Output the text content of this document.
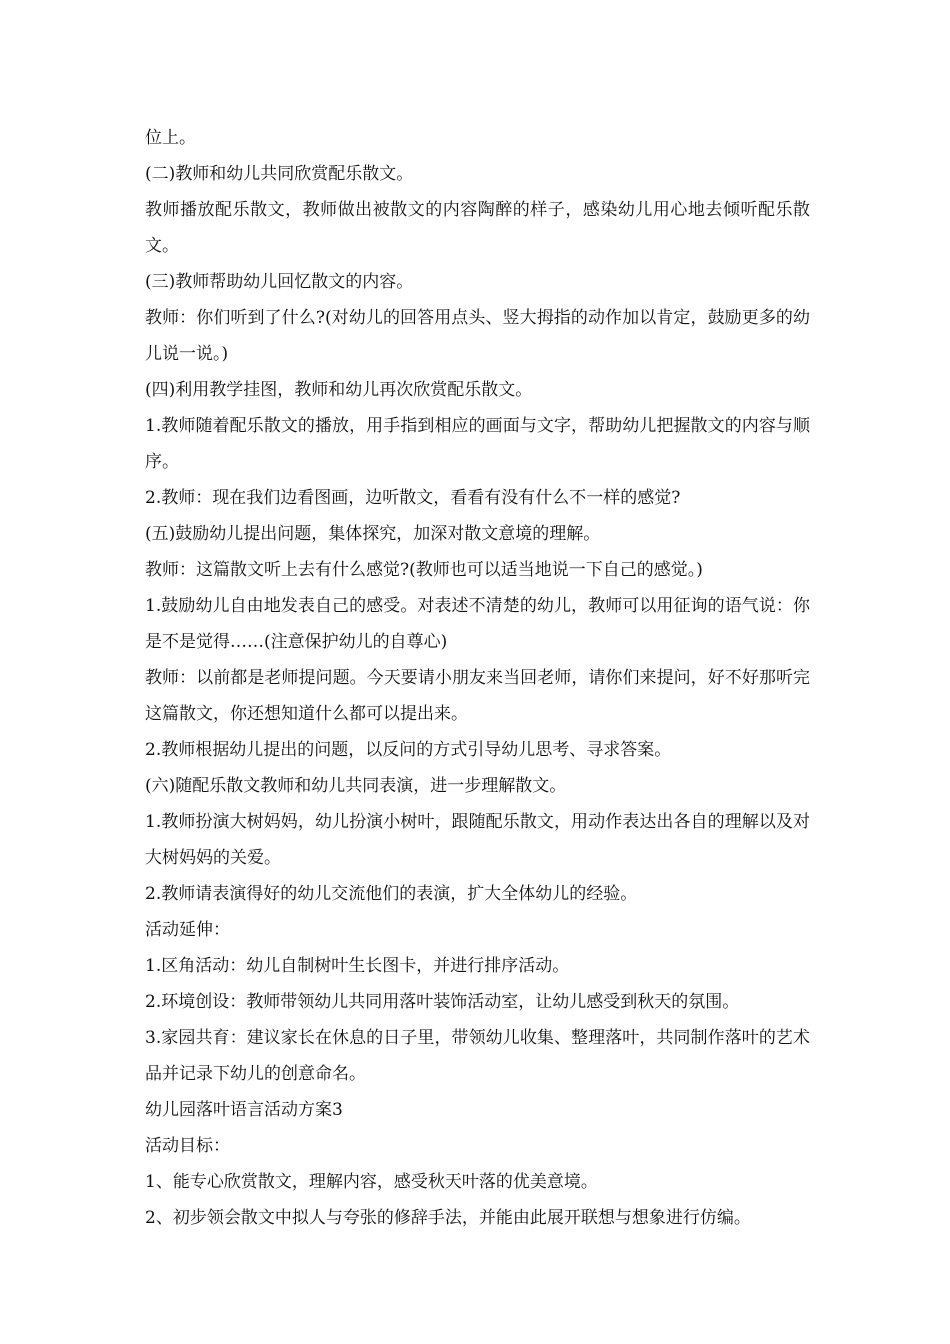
位上。

(二)教师和幼儿共同欣赏配乐散文。

教师播放配乐散文，教师做出被散文的内容陶醉的样子，感染幼儿用心地去倾听配乐散文。

(三)教师帮助幼儿回忆散文的内容。

教师：你们听到了什么?(对幼儿的回答用点头、竖大拇指的动作加以肯定，鼓励更多的幼儿说一说。)

(四)利用教学挂图，教师和幼儿再次欣赏配乐散文。

1.教师随着配乐散文的播放，用手指到相应的画面与文字，帮助幼儿把握散文的内容与顺序。

2.教师：现在我们边看图画，边听散文，看看有没有什么不一样的感觉?

(五)鼓励幼儿提出问题，集体探究，加深对散文意境的理解。

教师：这篇散文听上去有什么感觉?(教师也可以适当地说一下自己的感觉。)

1.鼓励幼儿自由地发表自己的感受。对表述不清楚的幼儿，教师可以用征询的语气说：你是不是觉得……(注意保护幼儿的自尊心)

教师：以前都是老师提问题。今天要请小朋友来当回老师，请你们来提问，好不好那听完这篇散文，你还想知道什么都可以提出来。

2.教师根据幼儿提出的问题，以反问的方式引导幼儿思考、寻求答案。

(六)随配乐散文教师和幼儿共同表演，进一步理解散文。

1.教师扮演大树妈妈，幼儿扮演小树叶，跟随配乐散文，用动作表达出各自的理解以及对大树妈妈的关爱。

2.教师请表演得好的幼儿交流他们的表演，扩大全体幼儿的经验。

活动延伸：

1.区角活动：幼儿自制树叶生长图卡，并进行排序活动。

2.环境创设：教师带领幼儿共同用落叶装饰活动室，让幼儿感受到秋天的氛围。

3.家园共育：建议家长在休息的日子里，带领幼儿收集、整理落叶，共同制作落叶的艺术品并记录下幼儿的创意命名。

幼儿园落叶语言活动方案3

活动目标：

1、能专心欣赏散文，理解内容，感受秋天叶落的优美意境。

2、初步领会散文中拟人与夸张的修辞手法，并能由此展开联想与想象进行仿编。
